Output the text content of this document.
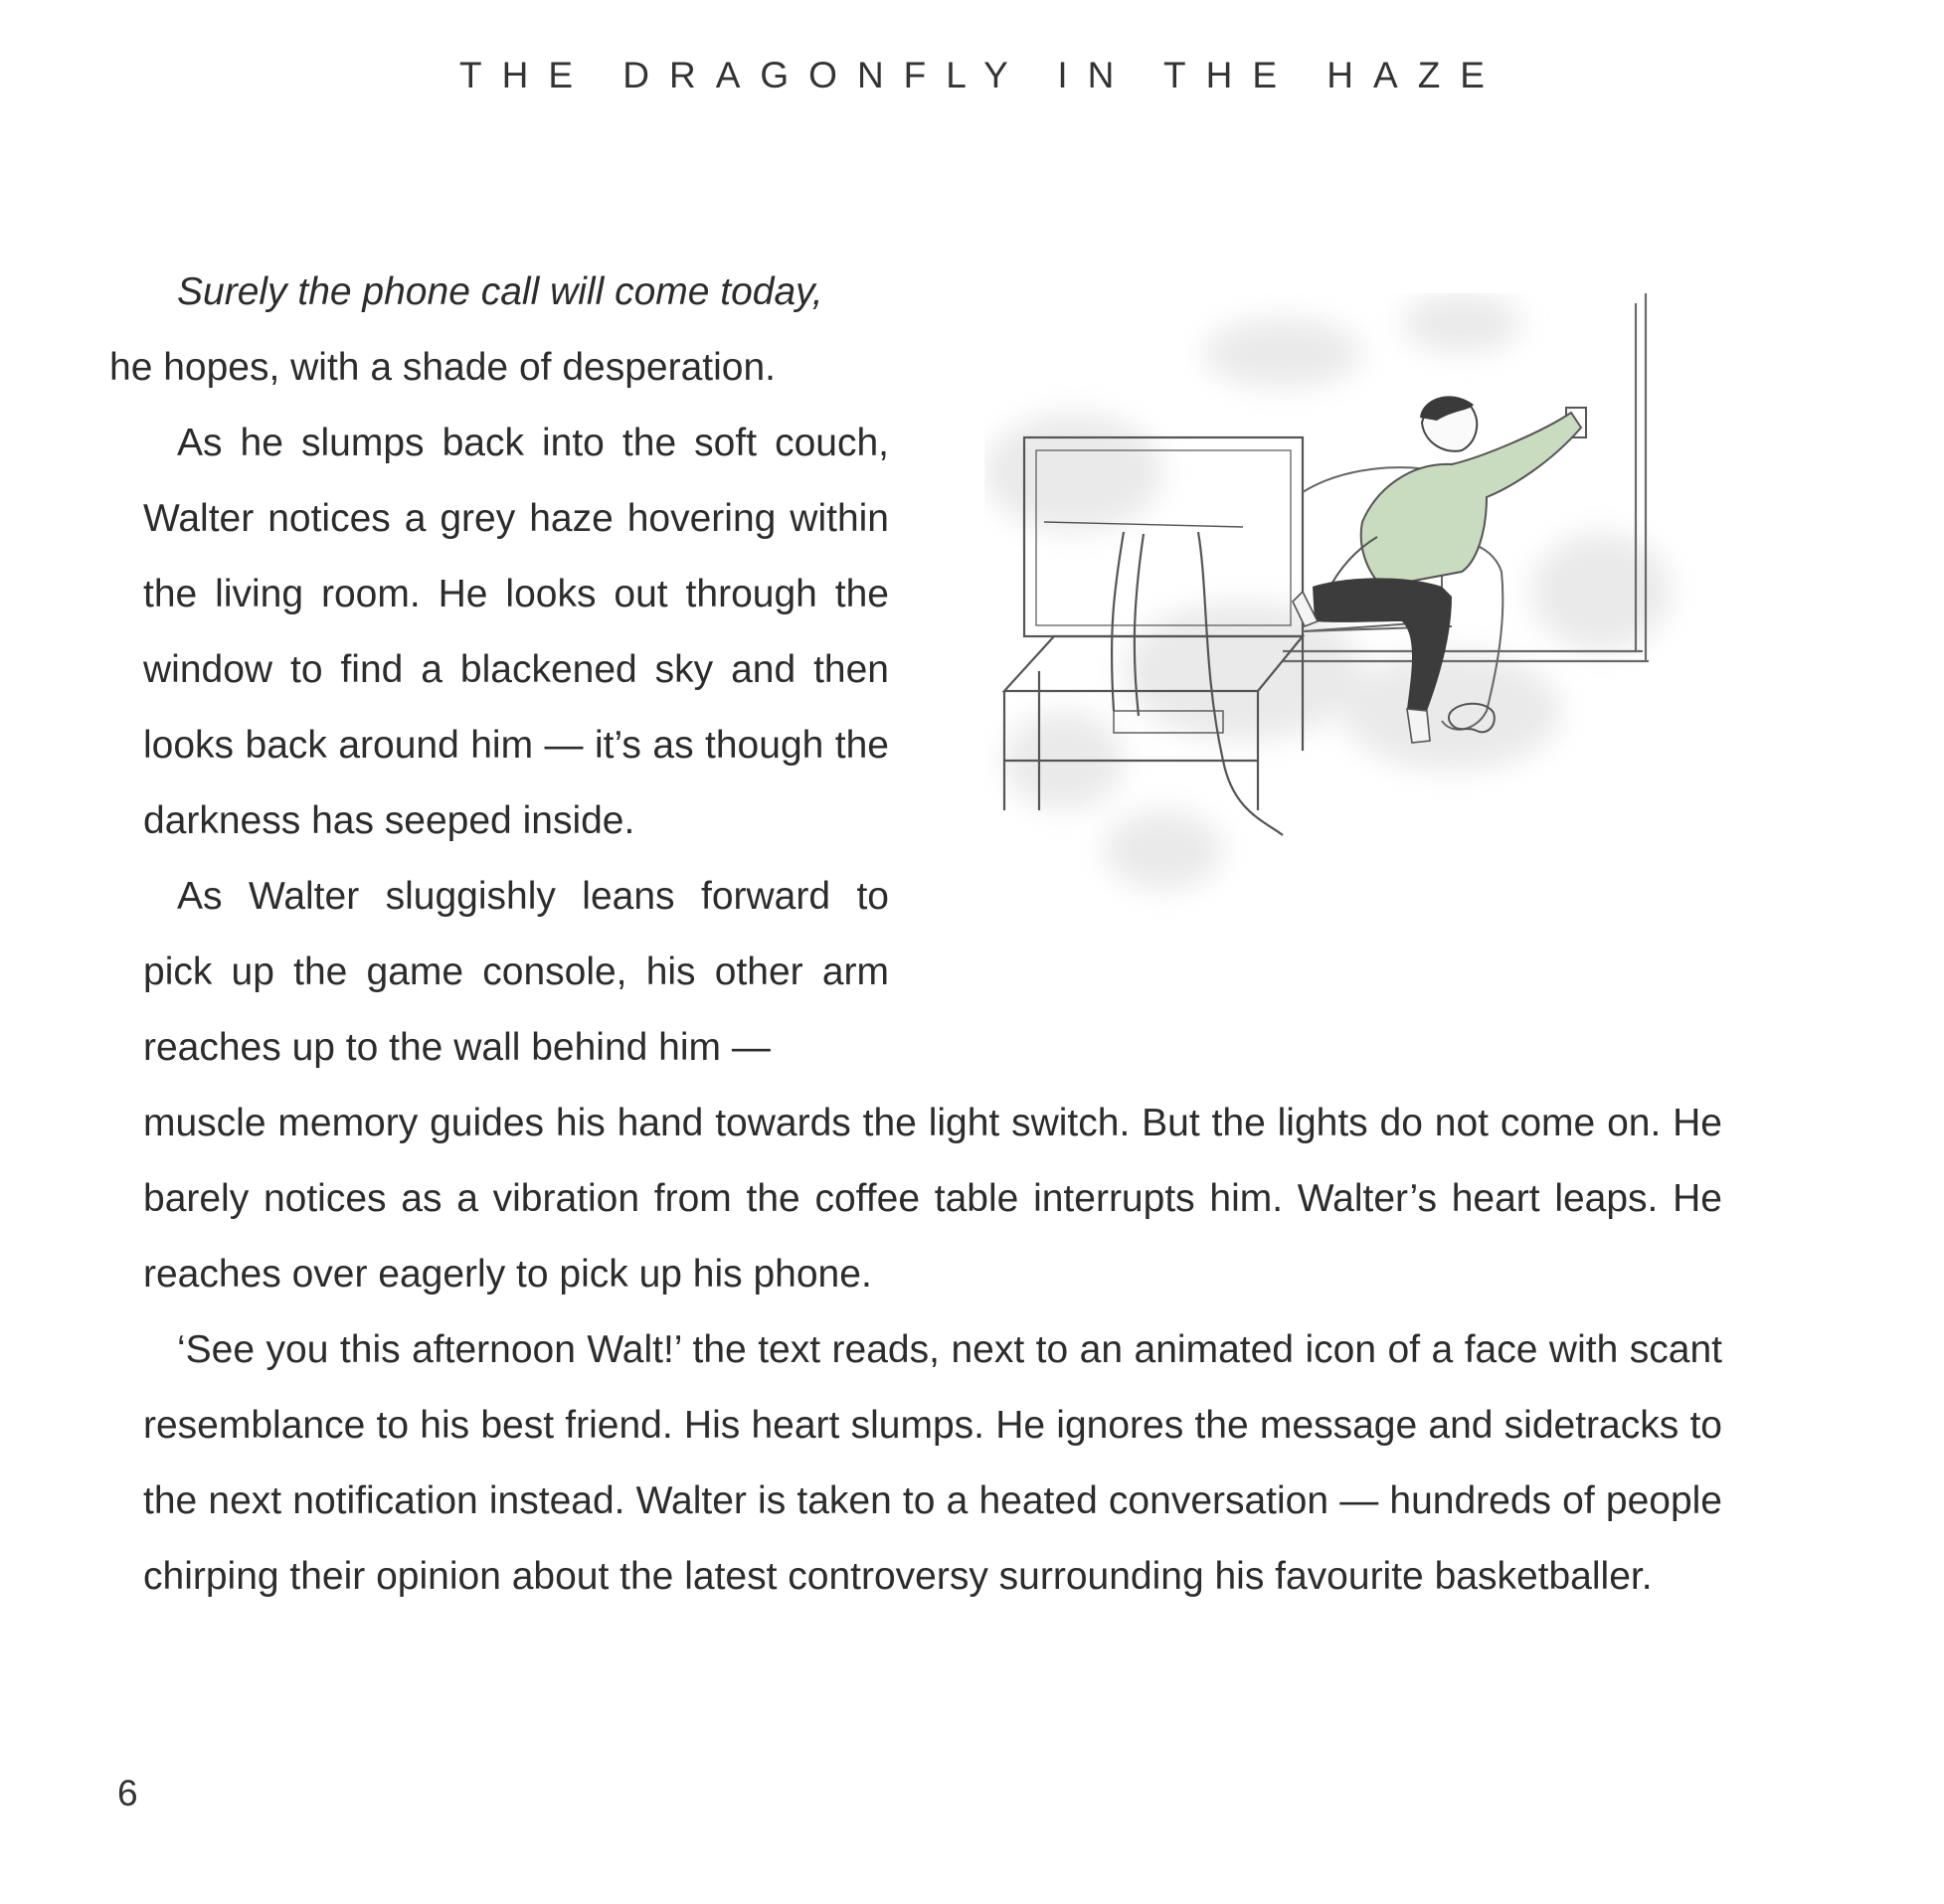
THE DRAGONFLY IN THE HAZE

Surely the phone call will come today,
he hopes, with a shade of desperation.

As he slumps back into the soft couch, Walter notices a grey haze hovering within the living room. He looks out through the window to find a blackened sky and then looks back around him — it’s as though the darkness has seeped inside.

As Walter sluggishly leans forward to pick up the game console, his other arm reaches up to the wall behind him —

muscle memory guides his hand towards the light switch. But the lights do not come on. He barely notices as a vibration from the coffee table interrupts him. Walter’s heart leaps. He reaches over eagerly to pick up his phone.

‘See you this afternoon Walt!’ the text reads, next to an animated icon of a face with scant resemblance to his best friend. His heart slumps. He ignores the message and sidetracks to the next notification instead. Walter is taken to a heated conversation — hundreds of people chirping their opinion about the latest controversy surrounding his favourite basketballer.

6
